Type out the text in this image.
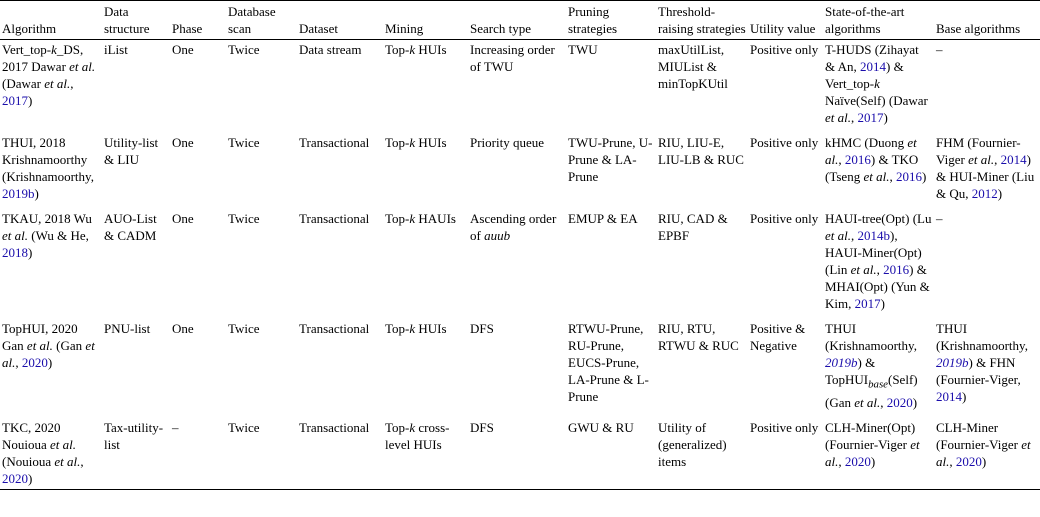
Algorithm	Data structure	Phase	Database scan	Dataset	Mining	Search type	Pruning strategies	Threshold-raising strategies	Utility value	State-of-the-art algorithms	Base algorithms
Vert_top-k_DS, 2017 Dawar et al. (Dawar et al., 2017)	iList	One	Twice	Data stream	Top-k HUIs	Increasing order of TWU	TWU	maxUtilList, MIUList & minTopKUtil	Positive only	T-HUDS (Zihayat & An, 2014) & Vert_top-k Naïve(Self) (Dawar et al., 2017)	–
THUI, 2018 Krishnamoorthy (Krishnamoorthy, 2019b)	Utility-list & LIU	One	Twice	Transactional	Top-k HUIs	Priority queue	TWU-Prune, U-Prune & LA-Prune	RIU, LIU-E, LIU-LB & RUC	Positive only	kHMC (Duong et al., 2016) & TKO (Tseng et al., 2016)	FHM (Fournier-Viger et al., 2014) & HUI-Miner (Liu & Qu, 2012)
TKAU, 2018 Wu et al. (Wu & He, 2018)	AUO-List & CADM	One	Twice	Transactional	Top-k HAUIs	Ascending order of auub	EMUP & EA	RIU, CAD & EPBF	Positive only	HAUI-tree(Opt) (Lu et al., 2014b), HAUI-Miner(Opt) (Lin et al., 2016) & MHAI(Opt) (Yun & Kim, 2017)	–
TopHUI, 2020 Gan et al. (Gan et al., 2020)	PNU-list	One	Twice	Transactional	Top-k HUIs	DFS	RTWU-Prune, RU-Prune, EUCS-Prune, LA-Prune & L-Prune	RIU, RTU, RTWU & RUC	Positive & Negative	THUI (Krishnamoorthy, 2019b) & TopHUI$_{base}$(Self) (Gan et al., 2020)	THUI (Krishnamoorthy, 2019b) & FHN (Fournier-Viger, 2014)
TKC, 2020 Nouioua et al. (Nouioua et al., 2020)	Tax-utility-list	–	Twice	Transactional	Top-k cross-level HUIs	DFS	GWU & RU	Utility of (generalized) items	Positive only	CLH-Miner(Opt) (Fournier-Viger et al., 2020)	CLH-Miner (Fournier-Viger et al., 2020)
